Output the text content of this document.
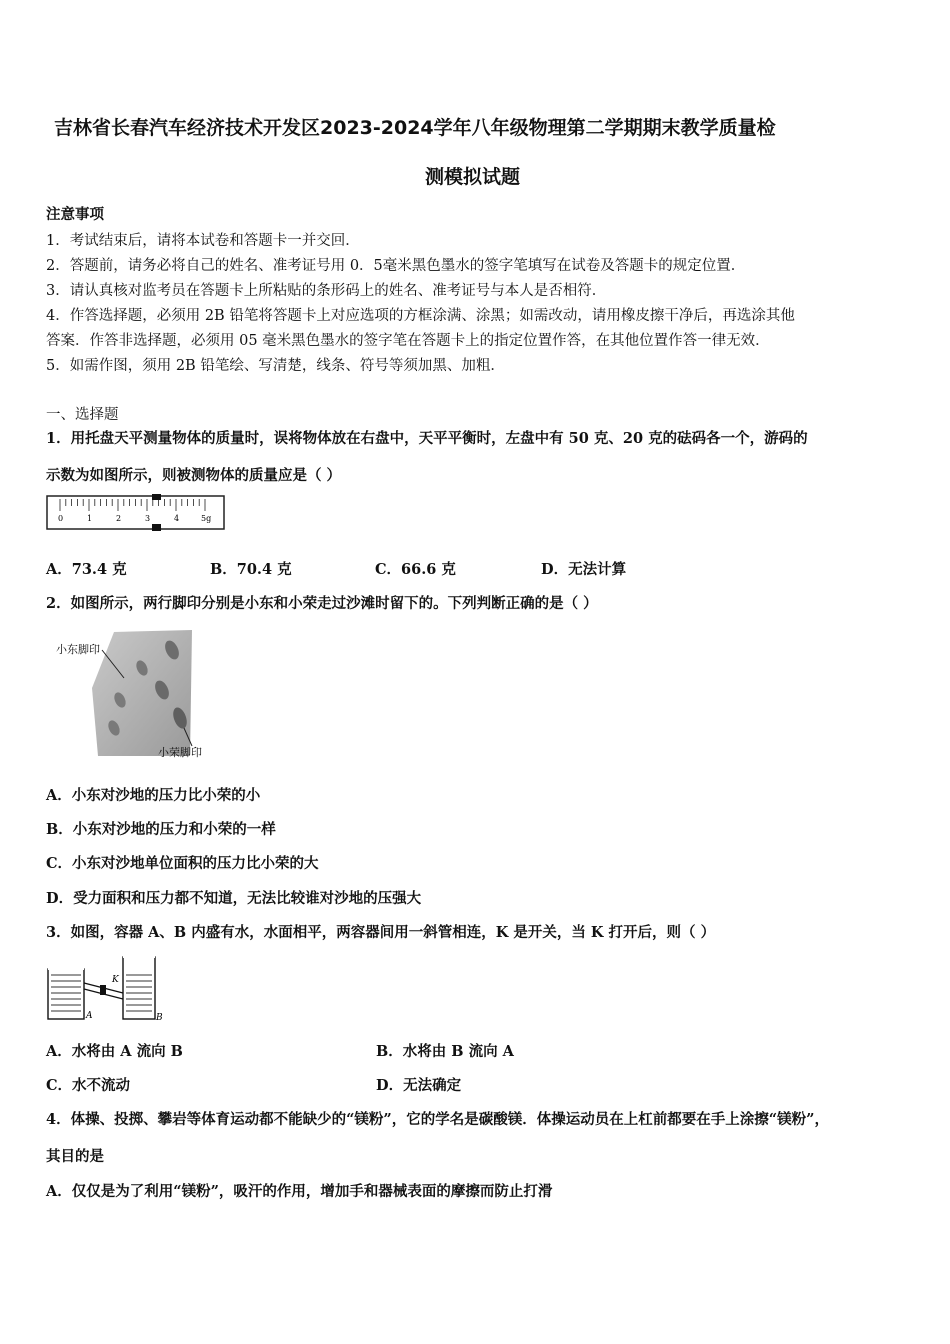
吉林省长春汽车经济技术开发区2023-2024学年八年级物理第二学期期末教学质量检
测模拟试题
注意事项
1．考试结束后，请将本试卷和答题卡一并交回．
2．答题前，请务必将自己的姓名、准考证号用 0．5毫米黑色墨水的签字笔填写在试卷及答题卡的规定位置．
3．请认真核对监考员在答题卡上所粘贴的条形码上的姓名、准考证号与本人是否相符．
4．作答选择题，必须用 2B 铅笔将答题卡上对应选项的方框涂满、涂黑；如需改动，请用橡皮擦干净后，再选涂其他
答案．作答非选择题，必须用 05 毫米黑色墨水的签字笔在答题卡上的指定位置作答，在其他位置作答一律无效．
5．如需作图，须用 2B 铅笔绘、写清楚，线条、符号等须加黑、加粗．
一、选择题
1．用托盘天平测量物体的质量时，误将物体放在右盘中，天平平衡时，左盘中有 50 克、20 克的砝码各一个，游码的
示数为如图所示，则被测物体的质量应是（ ）
0	1	2	3	4	5g
A．73.4 克	B．70.4 克	C．66.6 克	D．无法计算
2．如图所示，两行脚印分别是小东和小荣走过沙滩时留下的。下列判断正确的是（ ）
小东脚印
小荣脚印
A．小东对沙地的压力比小荣的小
B．小东对沙地的压力和小荣的一样
C．小东对沙地单位面积的压力比小荣的大
D．受力面积和压力都不知道，无法比较谁对沙地的压强大
3．如图，容器 A、B 内盛有水，水面相平，两容器间用一斜管相连，K 是开关，当 K 打开后，则（ ）
K
A	B
A．水将由 A 流向 B	B．水将由 B 流向 A
C．水不流动	D．无法确定
4．体操、投掷、攀岩等体育运动都不能缺少的“镁粉”，它的学名是碳酸镁．体操运动员在上杠前都要在手上涂擦“镁粉”，
其目的是
A．仅仅是为了利用“镁粉”，吸汗的作用，增加手和器械表面的摩擦而防止打滑
